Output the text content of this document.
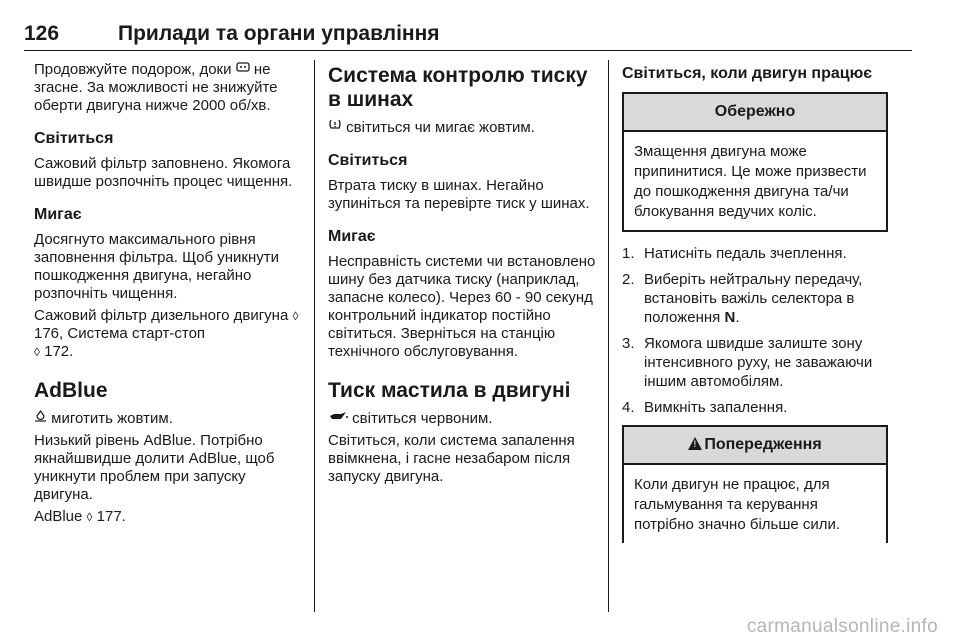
126	Прилади та органи управління

Продовжуйте подорож, доки не згасне. За можливості не знижуйте оберти двигуна нижче 2000 об/хв.

Світиться

Сажовий фільтр заповнено. Якомога швидше розпочніть процес чищення.

Мигає

Досягнуто максимального рівня заповнення фільтра. Щоб уникнути пошкодження двигуна, негайно розпочніть чищення.

Сажовий фільтр дизельного двигуна ◊ 176, Система старт-стоп
◊ 172.

AdBlue

миготить жовтим.

Низький рівень AdBlue. Потрібно якнайшвидше долити AdBlue, щоб уникнути проблем при запуску двигуна.

AdBlue ◊ 177.

Система контролю тиску в шинах

світиться чи мигає жовтим.

Світиться

Втрата тиску в шинах. Негайно зупиніться та перевірте тиск у шинах.

Мигає

Несправність системи чи встановлено шину без датчика тиску (наприклад, запасне колесо). Через 60 - 90 секунд контрольний індикатор постійно світиться. Зверніться на станцію технічного обслуговування.

Тиск мастила в двигуні

світиться червоним.

Світиться, коли система запалення ввімкнена, і гасне незабаром після запуску двигуна.

Світиться, коли двигун працює
Обережно
Змащення двигуна може припинитися. Це може призвести до пошкодження двигуна та/чи блокування ведучих коліс.
1. Натисніть педаль зчеплення.
2. Виберіть нейтральну передачу, встановіть важіль селектора в положення N.
3. Якомога швидше залиште зону інтенсивного руху, не заважаючи іншим автомобілям.
4. Вимкніть запалення.
!Попередження
Коли двигун не працює, для гальмування та керування потрібно значно більше сили.
carmanualsonline.info
